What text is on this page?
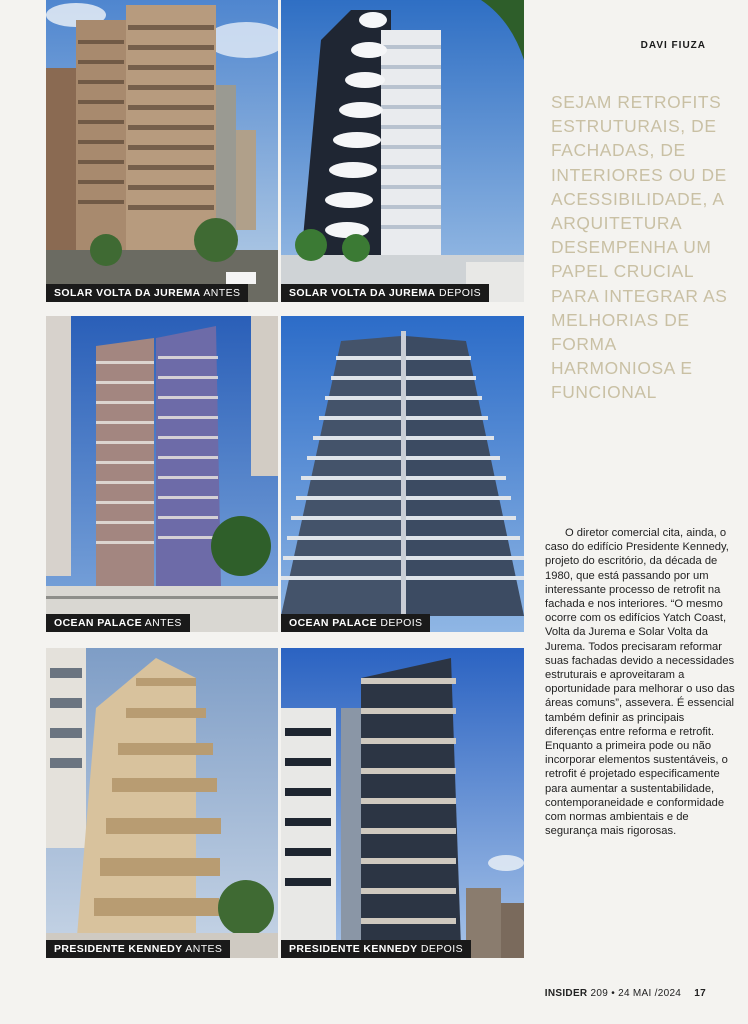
SOLAR VOLTA DA JUREMA ANTES	SOLAR VOLTA DA JUREMA DEPOIS
OCEAN PALACE ANTES	OCEAN PALACE DEPOIS
PRESIDENTE KENNEDY ANTES	PRESIDENTE KENNEDY DEPOIS
DAVI FIUZA
SEJAM RETROFITS ESTRUTURAIS, DE FACHADAS, DE INTERIORES OU DE ACESSIBILIDADE, A ARQUITETURA DESEMPENHA UM PAPEL CRUCIAL PARA INTEGRAR AS MELHORIAS DE FORMA HARMONIOSA E FUNCIONAL

O diretor comercial cita, ainda, o caso do edifício Presidente Kennedy, projeto do escritório, da década de 1980, que está passando por um interessante processo de retrofit na fachada e nos interiores. “O mesmo ocorre com os edifícios Yatch Coast, Volta da Jurema e Solar Volta da Jurema. Todos precisaram reformar suas fachadas devido a necessidades estruturais e aproveitaram a oportunidade para melhorar o uso das áreas comuns”, assevera. É essencial também definir as principais diferenças entre reforma e retrofit. Enquanto a primeira pode ou não incorporar elementos sustentáveis, o retrofit é projetado especificamente para aumentar a sustentabilidade, contemporaneidade e conformidade com normas ambientais e de segurança mais rigorosas.

INSIDER 209 • 24 MAI /2024 17
